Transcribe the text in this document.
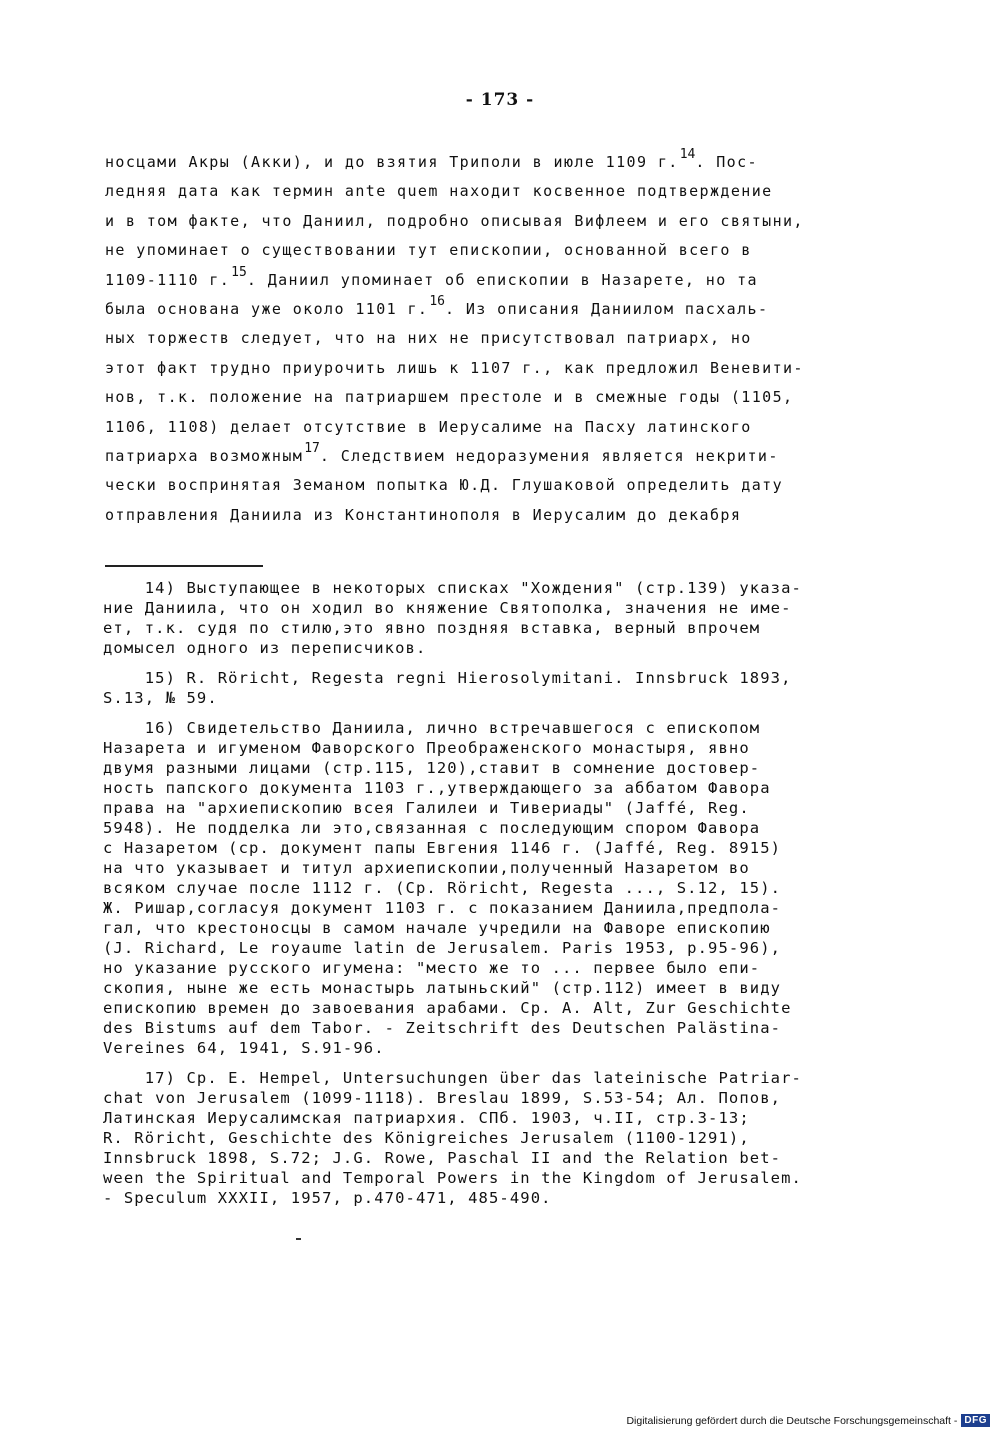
- 173 -
носцами Акры (Акки), и до взятия Триполи в июле 1109 г.$^{14}$. Пос-
ледняя дата как термин ante quem находит косвенное подтверждение
и в том факте, что Даниил, подробно описывая Вифлеем и его святыни,
не упоминает о существовании тут епископии, основанной всего в
1109-1110 г.$^{15}$. Даниил упоминает об епископии в Назарете, но та
была основана уже около 1101 г.$^{16}$. Из описания Даниилом пасхаль-
ных торжеств следует, что на них не присутствовал патриарх, но
этот факт трудно приурочить лишь к 1107 г., как предложил Веневити-
нов, т.к. положение на патриаршем престоле и в смежные годы (1105,
1106, 1108) делает отсутствие в Иерусалиме на Пасху латинского
патриарха возможным$^{17}$. Следствием недоразумения является некрити-
чески воспринятая Земаном попытка Ю.Д. Глушаковой определить дату
отправления Даниила из Константинополя в Иерусалим до декабря
14) Выступающее в некоторых списках "Хождения" (стр.139) указа-
ние Даниила, что он ходил во княжение Святополка, значения не име-
ет, т.к. судя по стилю,это явно поздняя вставка, верный впрочем
домысел одного из переписчиков.
15) R. Röricht, Regesta regni Hierosolymitani. Innsbruck 1893,
S.13, № 59.
16) Свидетельство Даниила, лично встречавшегося с епископом
Назарета и игуменом Фаворского Преображенского монастыря, явно
двумя разными лицами (стр.115, 120),ставит в сомнение достовер-
ность папского документа 1103 г.,утверждающего за аббатом Фавора
права на "архиепископию всея Галилеи и Тивериады" (Jaffé, Reg.
5948). Не подделка ли это,связанная с последующим спором Фавора
с Назаретом (ср. документ папы Евгения 1146 г. (Jaffé, Reg. 8915)
на что указывает и титул архиепископии,полученный Назаретом во
всяком случае после 1112 г. (Ср. Röricht, Regesta ..., S.12, 15).
Ж. Ришар,согласуя документ 1103 г. с показанием Даниила,предпола-
гал, что крестоносцы в самом начале учредили на Фаворе епископию
(J. Richard, Le royaume latin de Jerusalem. Paris 1953, p.95-96),
но указание русского игумена: "место же то ... первее было епи-
скопия, ныне же есть монастырь латыньский" (стр.112) имеет в виду
епископию времен до завоевания арабами. Ср. A. Alt, Zur Geschichte
des Bistums auf dem Tabor. - Zeitschrift des Deutschen Palästina-
Vereines 64, 1941, S.91-96.
17) Ср. E. Hempel, Untersuchungen über das lateinische Patriar-
chat von Jerusalem (1099-1118). Breslau 1899, S.53-54; Ал. Попов,
Латинская Иерусалимская патриархия. СПб. 1903, ч.II, стр.3-13;
R. Röricht, Geschichte des Königreiches Jerusalem (1100-1291),
Innsbruck 1898, S.72; J.G. Rowe, Paschal II and the Relation bet-
ween the Spiritual and Temporal Powers in the Kingdom of Jerusalem.
- Speculum XXXII, 1957, p.470-471, 485-490.
Digitalisierung gefördert durch die Deutsche Forschungsgemeinschaft - DFG
